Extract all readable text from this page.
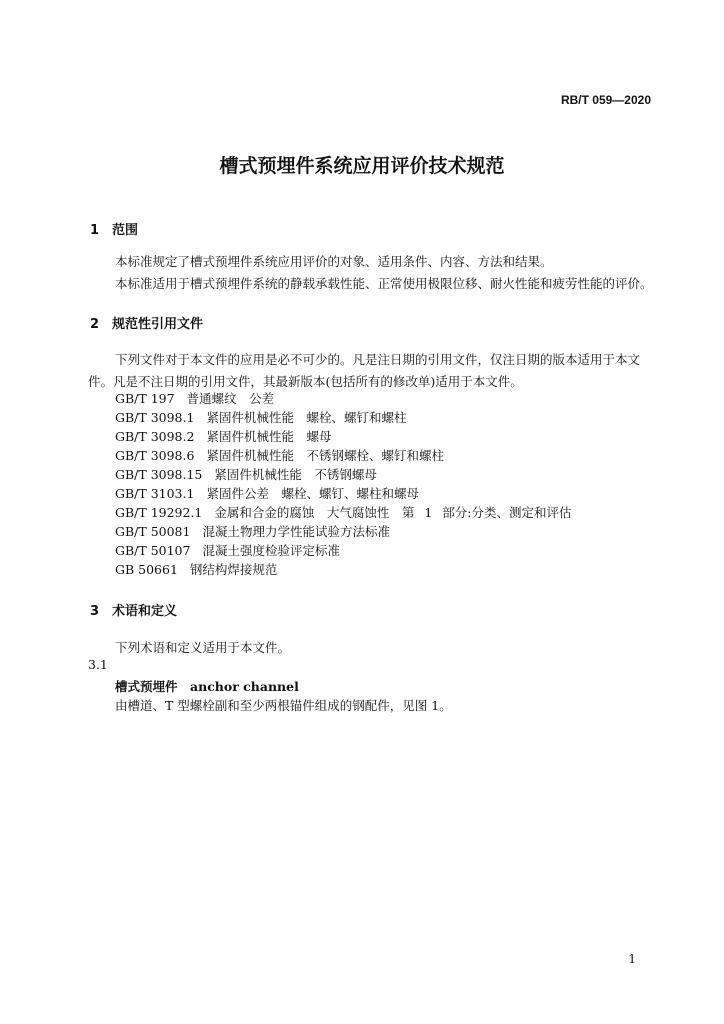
RB/T 059—2020
槽式预埋件系统应用评价技术规范
1 范围
本标准规定了槽式预埋件系统应用评价的对象、适用条件、内容、方法和结果。
本标准适用于槽式预埋件系统的静载承载性能、正常使用极限位移、耐火性能和疲劳性能的评价。
2 规范性引用文件
下列文件对于本文件的应用是必不可少的。凡是注日期的引用文件，仅注日期的版本适用于本文
件。凡是不注日期的引用文件，其最新版本(包括所有的修改单)适用于本文件。
GB/T 197 普通螺纹　公差
GB/T 3098.1 紧固件机械性能　螺栓、螺钉和螺柱
GB/T 3098.2 紧固件机械性能　螺母
GB/T 3098.6 紧固件机械性能　不锈钢螺栓、螺钉和螺柱
GB/T 3098.15 紧固件机械性能　不锈钢螺母
GB/T 3103.1 紧固件公差　螺栓、螺钉、螺柱和螺母
GB/T 19292.1 金属和合金的腐蚀　大气腐蚀性　第 1 部分:分类、测定和评估
GB/T 50081 混凝土物理力学性能试验方法标准
GB/T 50107 混凝土强度检验评定标准
GB 50661 钢结构焊接规范
3 术语和定义
下列术语和定义适用于本文件。
3.1
槽式预埋件　anchor channel
由槽道、T 型螺栓副和至少两根锚件组成的钢配件，见图 1。
1
